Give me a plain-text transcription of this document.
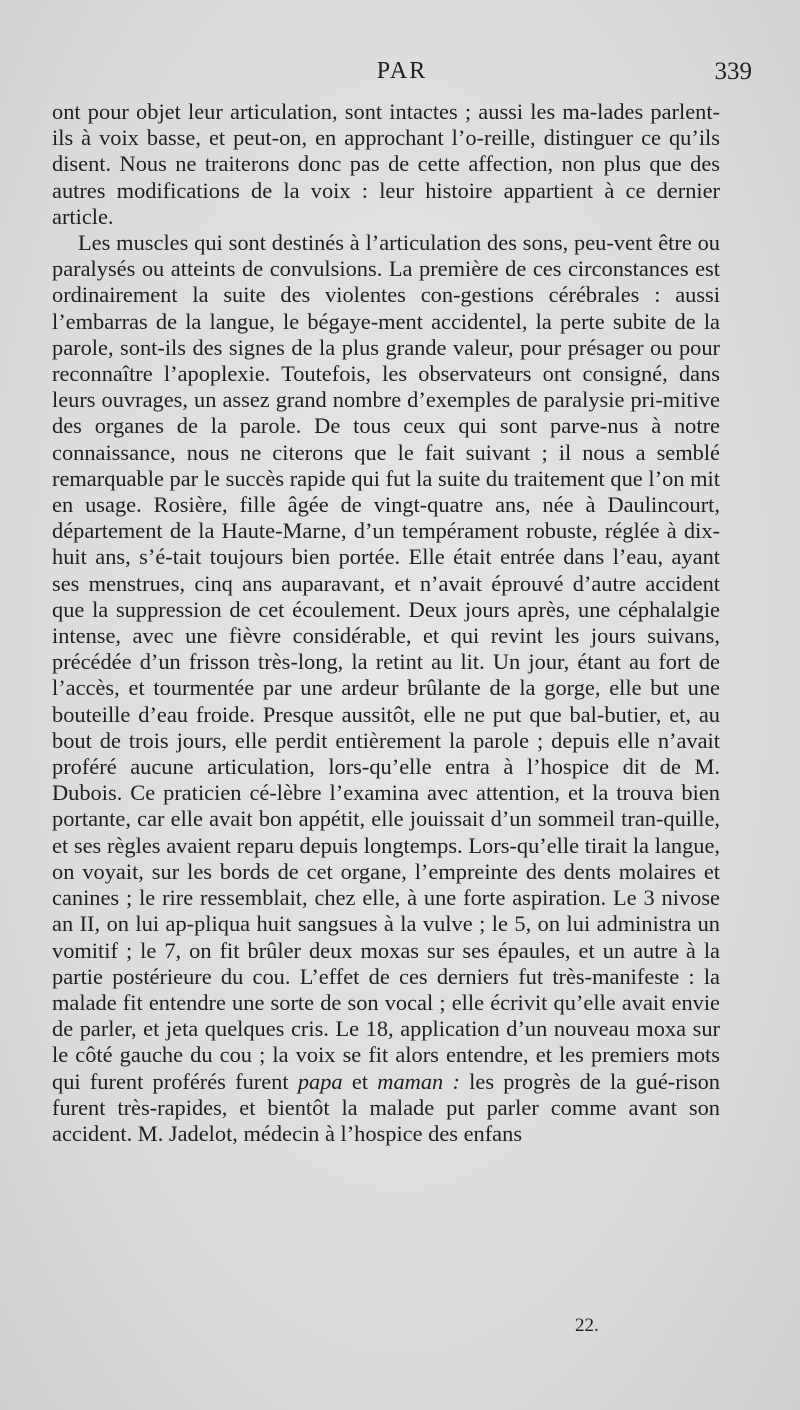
PAR	339

ont pour objet leur articulation, sont intactes ; aussi les ma-lades parlent-ils à voix basse, et peut-on, en approchant l’o-reille, distinguer ce qu’ils disent. Nous ne traiterons donc pas de cette affection, non plus que des autres modifications de la voix : leur histoire appartient à ce dernier article.

Les muscles qui sont destinés à l’articulation des sons, peu-vent être ou paralysés ou atteints de convulsions. La première de ces circonstances est ordinairement la suite des violentes con-gestions cérébrales : aussi l’embarras de la langue, le bégaye-ment accidentel, la perte subite de la parole, sont-ils des signes de la plus grande valeur, pour présager ou pour reconnaître l’apoplexie. Toutefois, les observateurs ont consigné, dans leurs ouvrages, un assez grand nombre d’exemples de paralysie pri-mitive des organes de la parole. De tous ceux qui sont parve-nus à notre connaissance, nous ne citerons que le fait suivant ; il nous a semblé remarquable par le succès rapide qui fut la suite du traitement que l’on mit en usage. Rosière, fille âgée de vingt-quatre ans, née à Daulincourt, département de la Haute-Marne, d’un tempérament robuste, réglée à dix-huit ans, s’é-tait toujours bien portée. Elle était entrée dans l’eau, ayant ses menstrues, cinq ans auparavant, et n’avait éprouvé d’autre accident que la suppression de cet écoulement. Deux jours après, une céphalalgie intense, avec une fièvre considérable, et qui revint les jours suivans, précédée d’un frisson très-long, la retint au lit. Un jour, étant au fort de l’accès, et tourmentée par une ardeur brûlante de la gorge, elle but une bouteille d’eau froide. Presque aussitôt, elle ne put que bal-butier, et, au bout de trois jours, elle perdit entièrement la parole ; depuis elle n’avait proféré aucune articulation, lors-qu’elle entra à l’hospice dit de M. Dubois. Ce praticien cé-lèbre l’examina avec attention, et la trouva bien portante, car elle avait bon appétit, elle jouissait d’un sommeil tran-quille, et ses règles avaient reparu depuis longtemps. Lors-qu’elle tirait la langue, on voyait, sur les bords de cet organe, l’empreinte des dents molaires et canines ; le rire ressemblait, chez elle, à une forte aspiration. Le 3 nivose an II, on lui ap-pliqua huit sangsues à la vulve ; le 5, on lui administra un vomitif ; le 7, on fit brûler deux moxas sur ses épaules, et un autre à la partie postérieure du cou. L’effet de ces derniers fut très-manifeste : la malade fit entendre une sorte de son vocal ; elle écrivit qu’elle avait envie de parler, et jeta quelques cris. Le 18, application d’un nouveau moxa sur le côté gauche du cou ; la voix se fit alors entendre, et les premiers mots qui furent proférés furent papa et maman : les progrès de la gué-rison furent très-rapides, et bientôt la malade put parler comme avant son accident. M. Jadelot, médecin à l’hospice des enfans

22.
